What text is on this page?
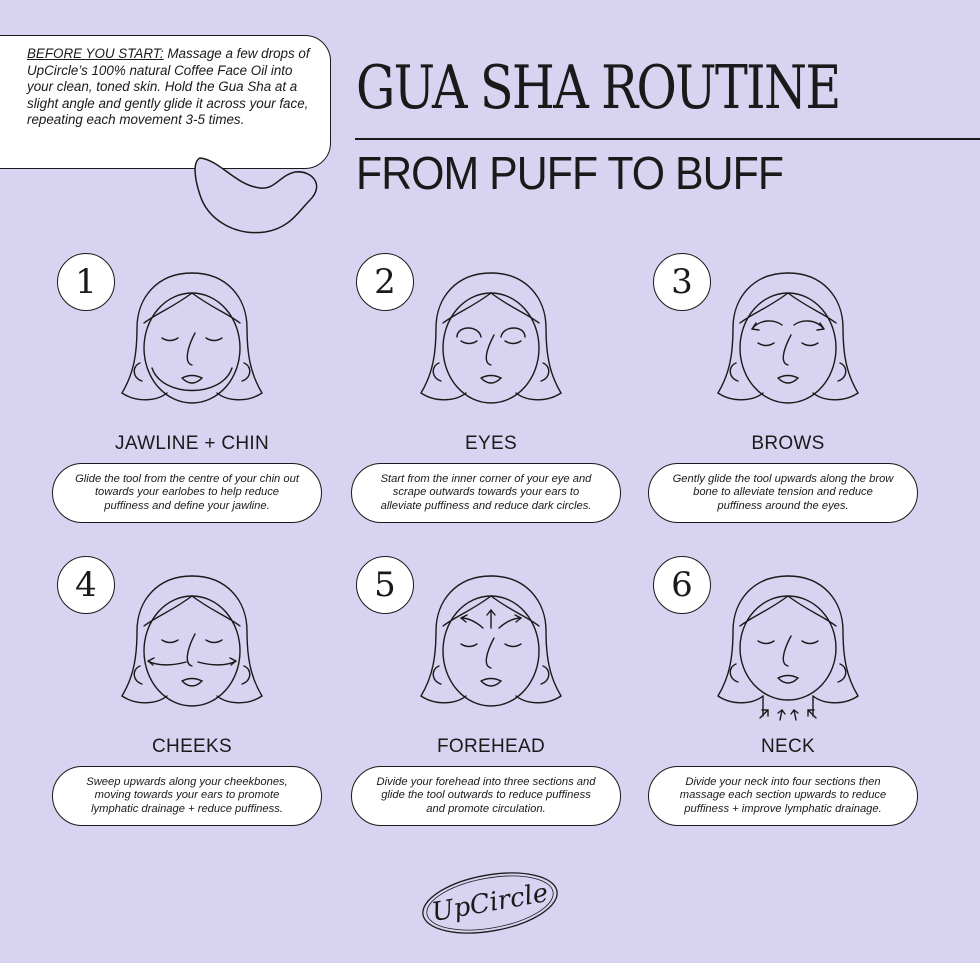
BEFORE YOU START: Massage a few drops of UpCircle’s 100% natural Coffee Face Oil into your clean, toned skin. Hold the Gua Sha at a slight angle and gently glide it across your face, repeating each movement 3-5 times.	GUA SHA ROUTINE
FROM PUFF TO BUFF
1
JAWLINE + CHIN
Glide the tool from the centre of your chin out towards your earlobes to help reduce puffiness and define your jawline.
2
EYES
Start from the inner corner of your eye and scrape outwards towards your ears to alleviate puffiness and reduce dark circles.
3
BROWS
Gently glide the tool upwards along the brow bone to alleviate tension and reduce puffiness around the eyes.
4
CHEEKS
Sweep upwards along your cheekbones, moving towards your ears to promote lymphatic drainage + reduce puffiness.
5
FOREHEAD
Divide your forehead into three sections and glide the tool outwards to reduce puffiness and promote circulation.
6
NECK
Divide your neck into four sections then massage each section upwards to reduce puffiness + improve lymphatic drainage.
UpCircle
